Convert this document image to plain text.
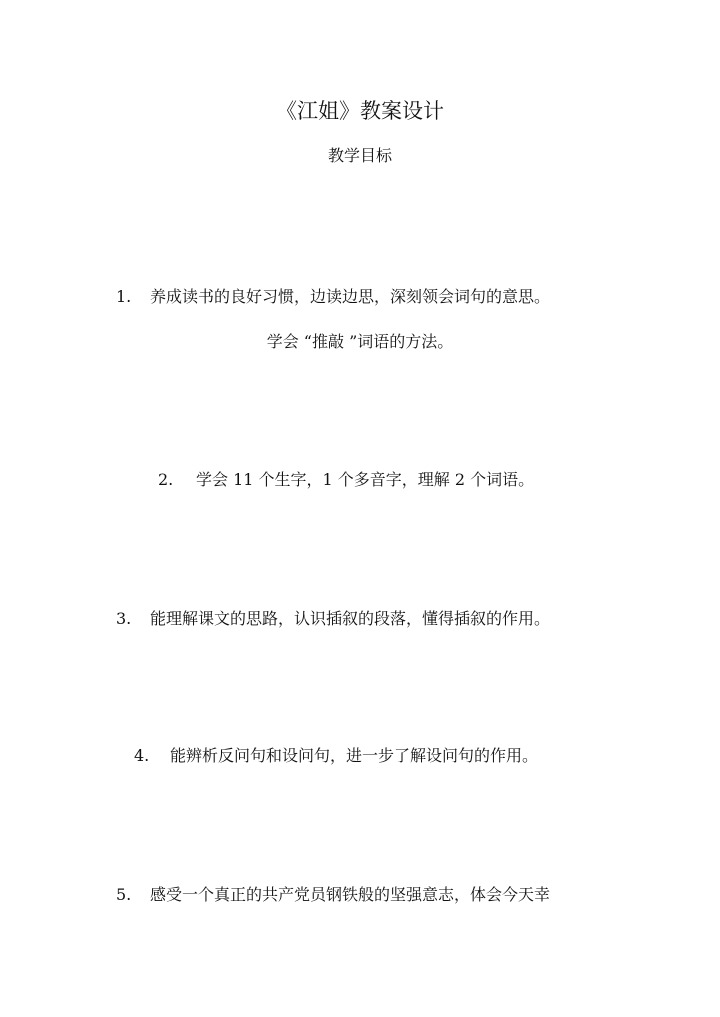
《江姐》教案设计
教学目标
1. 养成读书的良好习惯，边读边思，深刻领会词句的意思。
学会 “推敲 ”词语的方法。
2. 学会 11 个生字，1 个多音字，理解 2 个词语。
3. 能理解课文的思路，认识插叙的段落，懂得插叙的作用。
4. 能辨析反问句和设问句，进一步了解设问句的作用。
5. 感受一个真正的共产党员钢铁般的坚强意志，体会今天幸
